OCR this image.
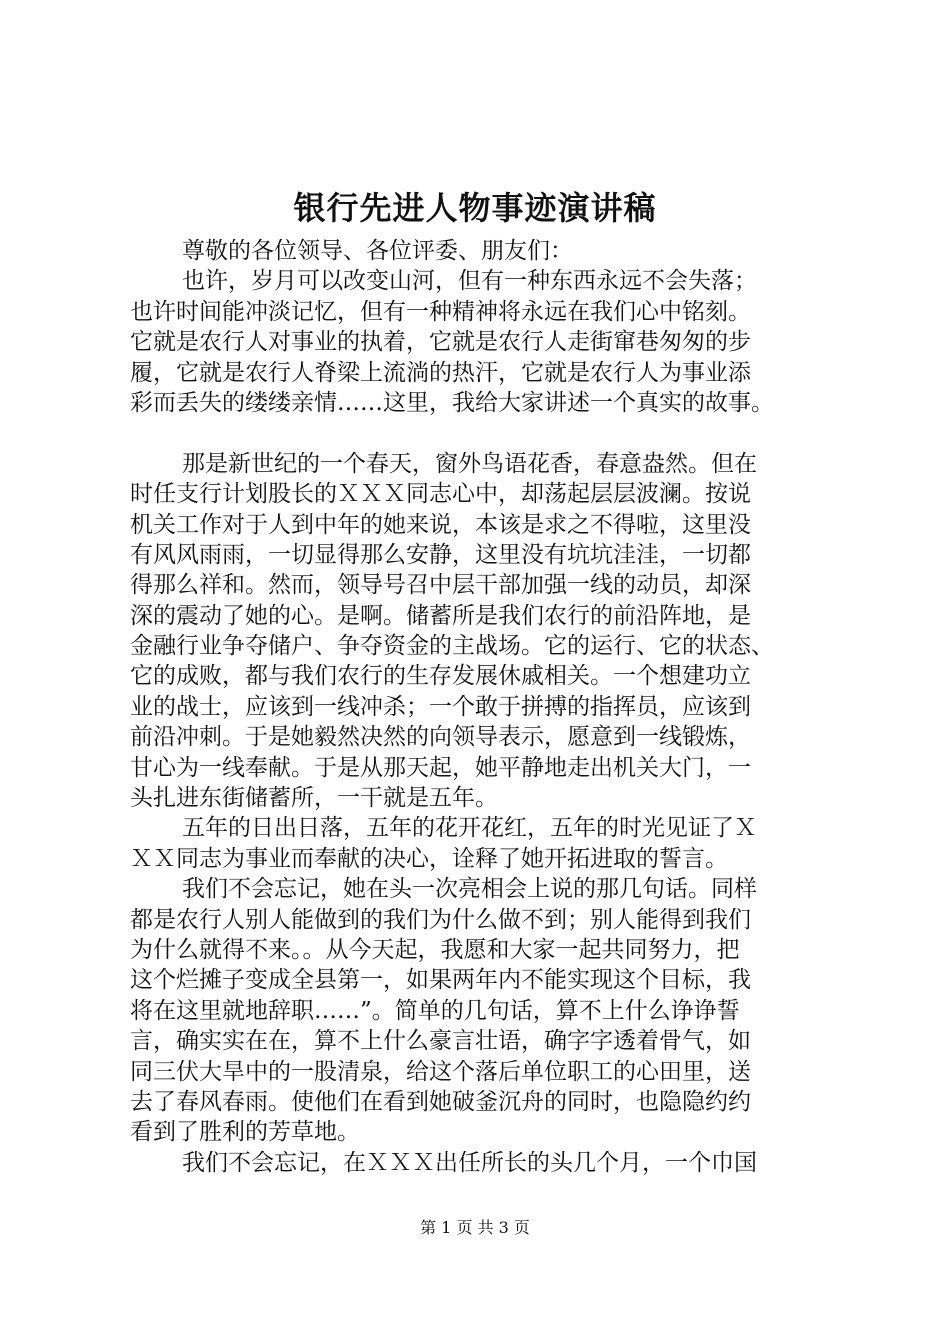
银行先进人物事迹演讲稿
尊敬的各位领导、各位评委、朋友们：
也许，岁月可以改变山河，但有一种东西永远不会失落；
也许时间能冲淡记忆，但有一种精神将永远在我们心中铭刻。
它就是农行人对事业的执着，它就是农行人走街窜巷匆匆的步
履，它就是农行人脊梁上流淌的热汗，它就是农行人为事业添
彩而丢失的缕缕亲情……这里，我给大家讲述一个真实的故事。
那是新世纪的一个春天，窗外鸟语花香，春意盎然。但在
时任支行计划股长的ＸＸＸ同志心中，却荡起层层波澜。按说
机关工作对于人到中年的她来说，本该是求之不得啦，这里没
有风风雨雨，一切显得那么安静，这里没有坑坑洼洼，一切都
得那么祥和。然而，领导号召中层干部加强一线的动员，却深
深的震动了她的心。是啊。储蓄所是我们农行的前沿阵地，是
金融行业争夺储户、争夺资金的主战场。它的运行、它的状态、
它的成败，都与我们农行的生存发展休戚相关。一个想建功立
业的战士，应该到一线冲杀；一个敢于拼搏的指挥员，应该到
前沿冲刺。于是她毅然决然的向领导表示，愿意到一线锻炼，
甘心为一线奉献。于是从那天起，她平静地走出机关大门，一
头扎进东街储蓄所，一干就是五年。
五年的日出日落，五年的花开花红，五年的时光见证了Ｘ
ＸＸ同志为事业而奉献的决心，诠释了她开拓进取的誓言。
我们不会忘记，她在头一次亮相会上说的那几句话。同样
都是农行人别人能做到的我们为什么做不到；别人能得到我们
为什么就得不来。。从今天起，我愿和大家一起共同努力，把
这个烂摊子变成全县第一，如果两年内不能实现这个目标，我
将在这里就地辞职……”。简单的几句话，算不上什么诤诤誓
言，确实实在在，算不上什么豪言壮语，确字字透着骨气，如
同三伏大旱中的一股清泉，给这个落后单位职工的心田里，送
去了春风春雨。使他们在看到她破釜沉舟的同时，也隐隐约约
看到了胜利的芳草地。
我们不会忘记，在ＸＸＸ出任所长的头几个月，一个巾国
第 1 页 共 3 页
